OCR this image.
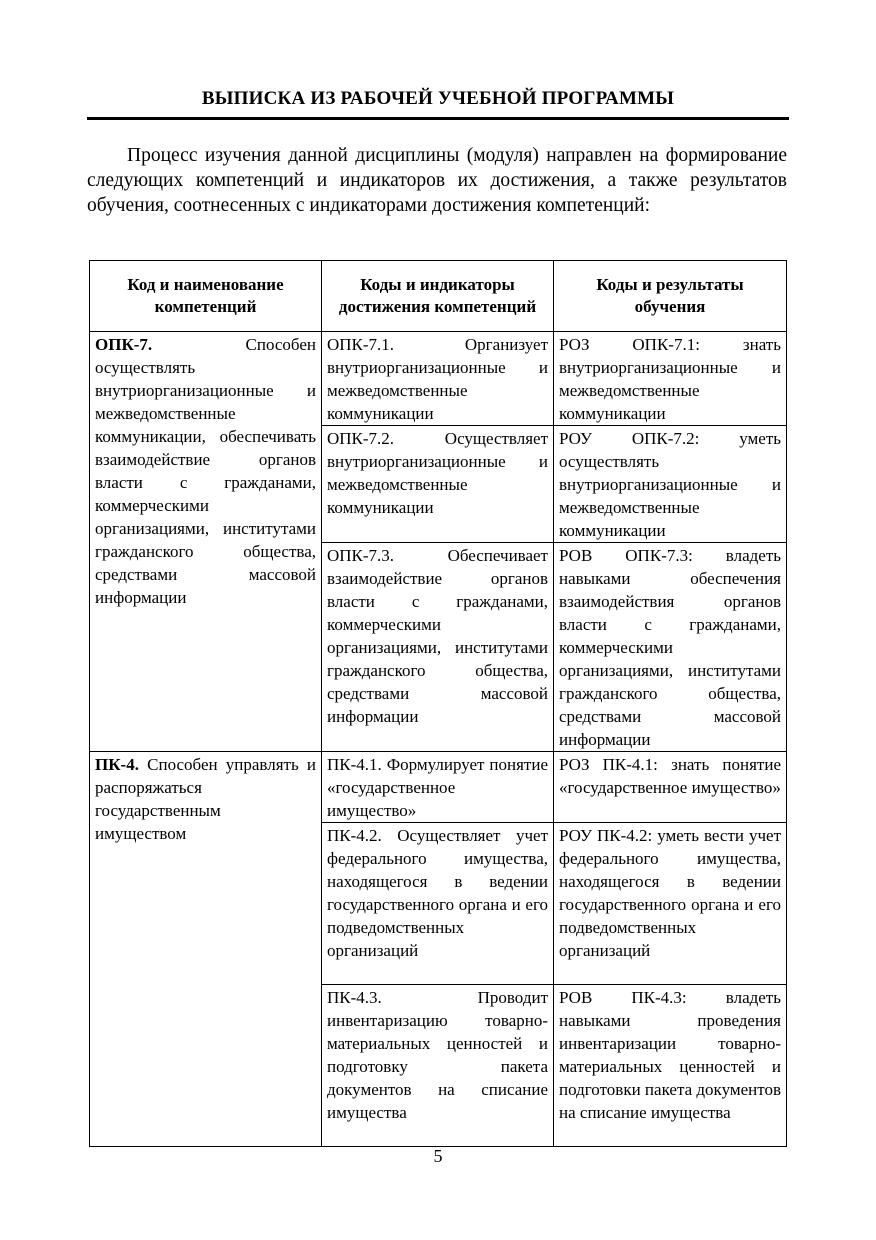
ВЫПИСКА ИЗ РАБОЧЕЙ УЧЕБНОЙ ПРОГРАММЫ

Процесс изучения данной дисциплины (модуля) направлен на формирование следующих компетенций и индикаторов их достижения, а также результатов обучения, соотнесенных с индикаторами достижения компетенций:

Код и наименование компетенций	Коды и индикаторы достижения компетенций	Коды и результаты обучения
ОПК-7. Способен осуществлять внутриорганизационные и межведомственные коммуникации, обеспечивать взаимодействие органов власти с гражданами, коммерческими организациями, институтами гражданского общества, средствами массовой информации	ОПК-7.1. Организует внутриорганизационные и межведомственные коммуникации	РОЗ ОПК-7.1: знать внутриорганизационные и межведомственные коммуникации
	ОПК-7.2. Осуществляет внутриорганизационные и межведомственные коммуникации	РОУ ОПК-7.2: уметь осуществлять внутриорганизационные и межведомственные коммуникации
	ОПК-7.3. Обеспечивает взаимодействие органов власти с гражданами, коммерческими организациями, институтами гражданского общества, средствами массовой информации	РОВ ОПК-7.3: владеть навыками обеспечения взаимодействия органов власти с гражданами, коммерческими организациями, институтами гражданского общества, средствами массовой информации
ПК-4. Способен управлять и распоряжаться государственным имуществом	ПК-4.1. Формулирует понятие «государственное имущество»	РОЗ ПК-4.1: знать понятие «государственное имущество»
	ПК-4.2. Осуществляет учет федерального имущества, находящегося в ведении государственного органа и его подведомственных организаций	РОУ ПК-4.2: уметь вести учет федерального имущества, находящегося в ведении государственного органа и его подведомственных организаций
	ПК-4.3. Проводит инвентаризацию товарно-материальных ценностей и подготовку пакета документов на списание имущества	РОВ ПК-4.3: владеть навыками проведения инвентаризации товарно-материальных ценностей и подготовки пакета документов на списание имущества
5
